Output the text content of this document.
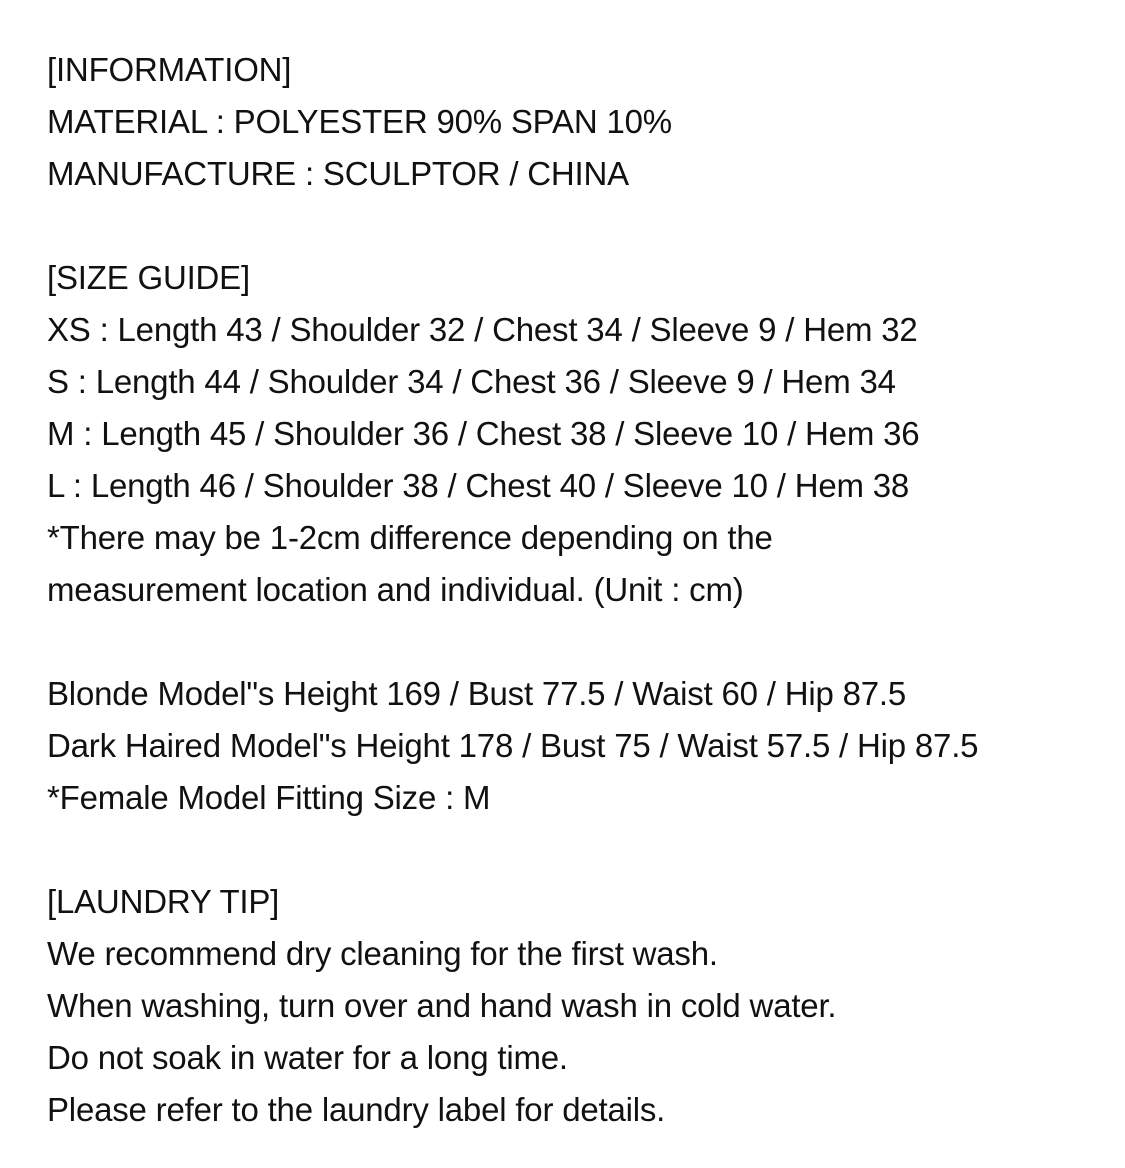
[INFORMATION]
MATERIAL : POLYESTER 90% SPAN 10%
MANUFACTURE : SCULPTOR / CHINA
[SIZE GUIDE]
XS : Length 43 / Shoulder 32 / Chest 34 / Sleeve 9 / Hem 32
S : Length 44 / Shoulder 34 / Chest 36 / Sleeve 9 / Hem 34
M : Length 45 / Shoulder 36 / Chest 38 / Sleeve 10 / Hem 36
L : Length 46 / Shoulder 38 / Chest 40 / Sleeve 10 / Hem 38
*There may be 1-2cm difference depending on the
measurement location and individual. (Unit : cm)
Blonde Model"s Height 169 / Bust 77.5 / Waist 60 / Hip 87.5
Dark Haired Model"s Height 178 / Bust 75 / Waist 57.5 / Hip 87.5
*Female Model Fitting Size : M
[LAUNDRY TIP]
We recommend dry cleaning for the first wash.
When washing, turn over and hand wash in cold water.
Do not soak in water for a long time.
Please refer to the laundry label for details.
